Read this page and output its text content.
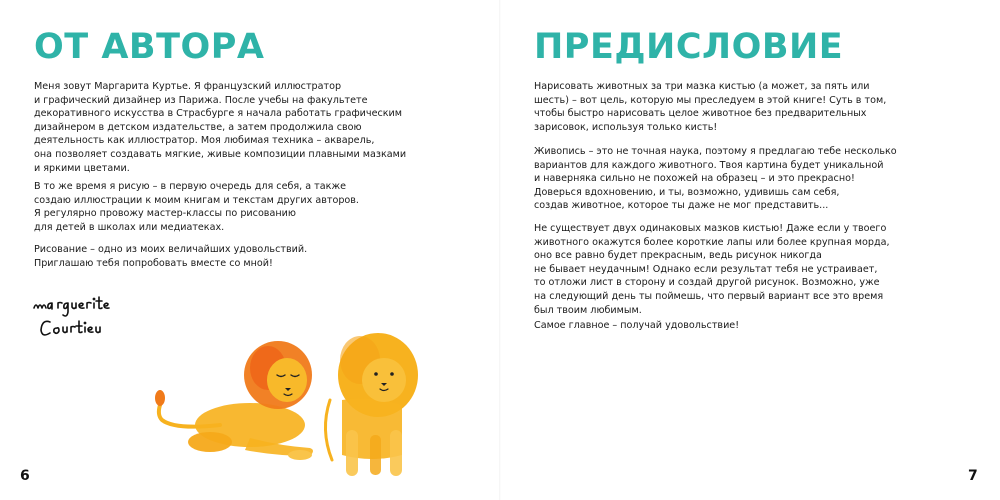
ОТ АВТОРА

Меня зовут Маргарита Куртье. Я французский иллюстратор
и графический дизайнер из Парижа. После учебы на факультете
декоративного искусства в Страсбурге я начала работать графическим
дизайнером в детском издательстве, а затем продолжила свою
деятельность как иллюстратор. Моя любимая техника – акварель,
она позволяет создавать мягкие, живые композиции плавными мазками
и яркими цветами.

В то же время я рисую – в первую очередь для себя, а также
создаю иллюстрации к моим книгам и текстам других авторов.
Я регулярно провожу мастер-классы по рисованию
для детей в школах или медиатеках.

Рисование – одно из моих величайших удовольствий.
Приглашаю тебя попробовать вместе со мной!

6
ПРЕДИСЛОВИЕ

Нарисовать животных за три мазка кистью (а может, за пять или
шесть) – вот цель, которую мы преследуем в этой книге! Суть в том,
чтобы быстро нарисовать целое животное без предварительных
зарисовок, используя только кисть!

Живопись – это не точная наука, поэтому я предлагаю тебе несколько
вариантов для каждого животного. Твоя картина будет уникальной
и наверняка сильно не похожей на образец – и это прекрасно!
Доверься вдохновению, и ты, возможно, удивишь сам себя,
создав животное, которое ты даже не мог представить...

Не существует двух одинаковых мазков кистью! Даже если у твоего
животного окажутся более короткие лапы или более крупная морда,
оно все равно будет прекрасным, ведь рисунок никогда
не бывает неудачным! Однако если результат тебя не устраивает,
то отложи лист в сторону и создай другой рисунок. Возможно, уже
на следующий день ты поймешь, что первый вариант все это время
был твоим любимым.

Самое главное – получай удовольствие!

7
